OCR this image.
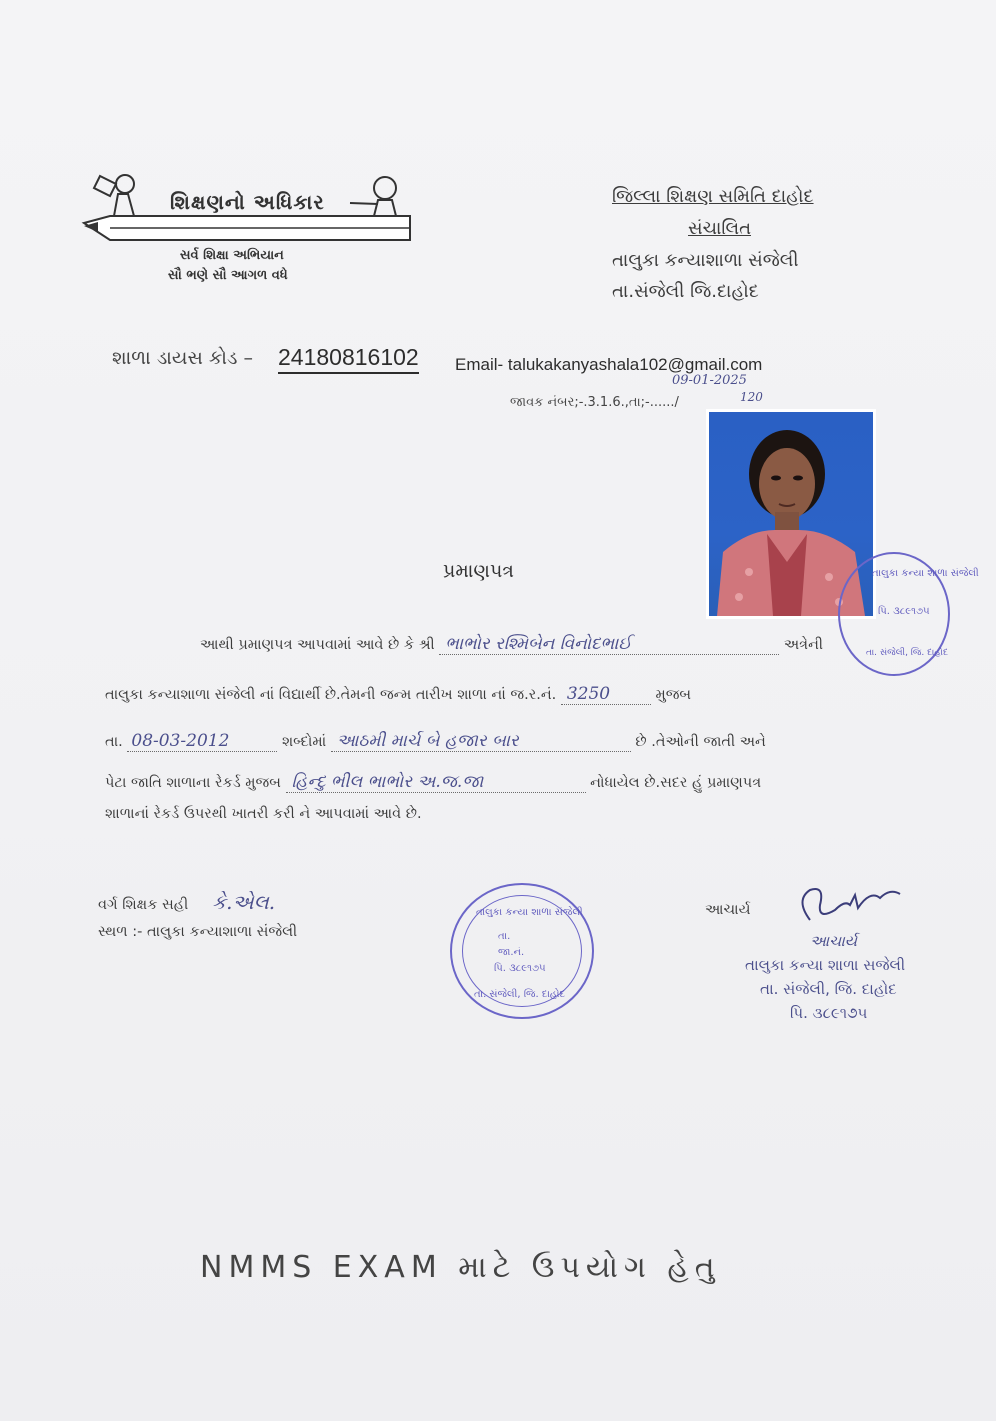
શિક્ષણનો અધિકાર
સર્વ શિક્ષા અભિયાન
સૌ ભણે સૌ આગળ વધે
જિલ્લા શિક્ષણ સમિતિ દાહોદ
સંચાલિત
તાલુકા કન્યાશાળા સંજેલી
તા.સંજેલી જિ.દાહોદ
શાળા ડાયસ કોડ – 24180816102 Email- talukakanyashala102@gmail.com
જાવક નંબર;-.3.1.6.,તા;-....../
09-01-2025
120
તાલુકા કન્યા શાળા સંજેલી
પિ. ૩૮૯૧૭૫
તા. સંજેલી, જિ. દાહોદ
પ્રમાણપત્ર
આથી પ્રમાણપત્ર આપવામાં આવે છે કે શ્રી ભાભોર રશ્મિબેન વિનોદભાઈ	અત્રેની
તાલુકા કન્યાશાળા સંજેલી નાં વિદ્યાર્થી છે.તેમની જન્મ તારીખ શાળા નાં જ.ર.નં. 3250	મુજબ
તા. 08-03-2012	શબ્દોમાં આઠમી માર્ચ બે હજાર બાર	છે .તેઓની જાતી અને
પેટા જાતિ શાળાના રેકર્ડ મુજબ હિન્દુ ભીલ ભાભોર અ.જ.જા	નોધાયેલ છે.સદર હું પ્રમાણપત્ર
શાળાનાં રેકર્ડ ઉપરથી ખાતરી કરી ને આપવામાં આવે છે.
વર્ગ શિક્ષક સહી કે.એલ.
સ્થળ :- તાલુકા કન્યાશાળા સંજેલી
તાલુકા કન્યા શાળા સંજેલી
તા.
જા.નં.
પિ. ૩૮૯૧૭૫
તા. સંજેલી, જિ. દાહોદ
આચાર્ય
આચાર્ય
તાલુકા કન્યા શાળા સજેલી
તા. સંજેલી, જિ. દાહોદ
પિ. ૩૮૯૧૭૫
NMMS EXAM માટે ઉપયોગ હેતુ
